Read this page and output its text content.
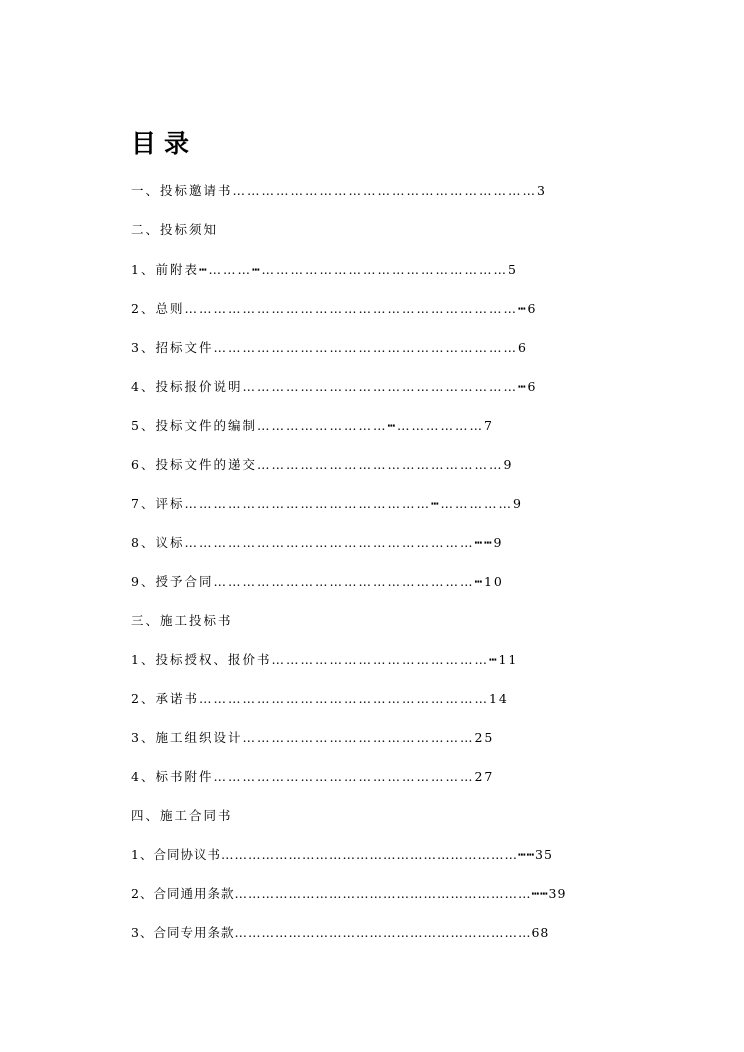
目录
一、投标邀请书………………………………………………………3
二、投标须知
1、前附表┅………┅……………………………………………5
2、总则……………………………………………………………┅6
3、招标文件………………………………………………………6
4、投标报价说明…………………………………………………┅6
5、投标文件的编制………………………┅………………7
6、投标文件的递交……………………………………………9
7、评标……………………………………………┅……………9
8、议标……………………………………………………┅┅9
9、授予合同………………………………………………┅10
三、施工投标书
1、投标授权、报价书………………………………………┅11
2、承诺书……………………………………………………14
3、施工组织设计…………………………………………25
4、标书附件………………………………………………27
四、施工合同书
1、合同协议书…………………………………………………………┅┅35
2、合同通用条款…………………………………………………………┅┅39
3、合同专用条款…………………………………………………………68
